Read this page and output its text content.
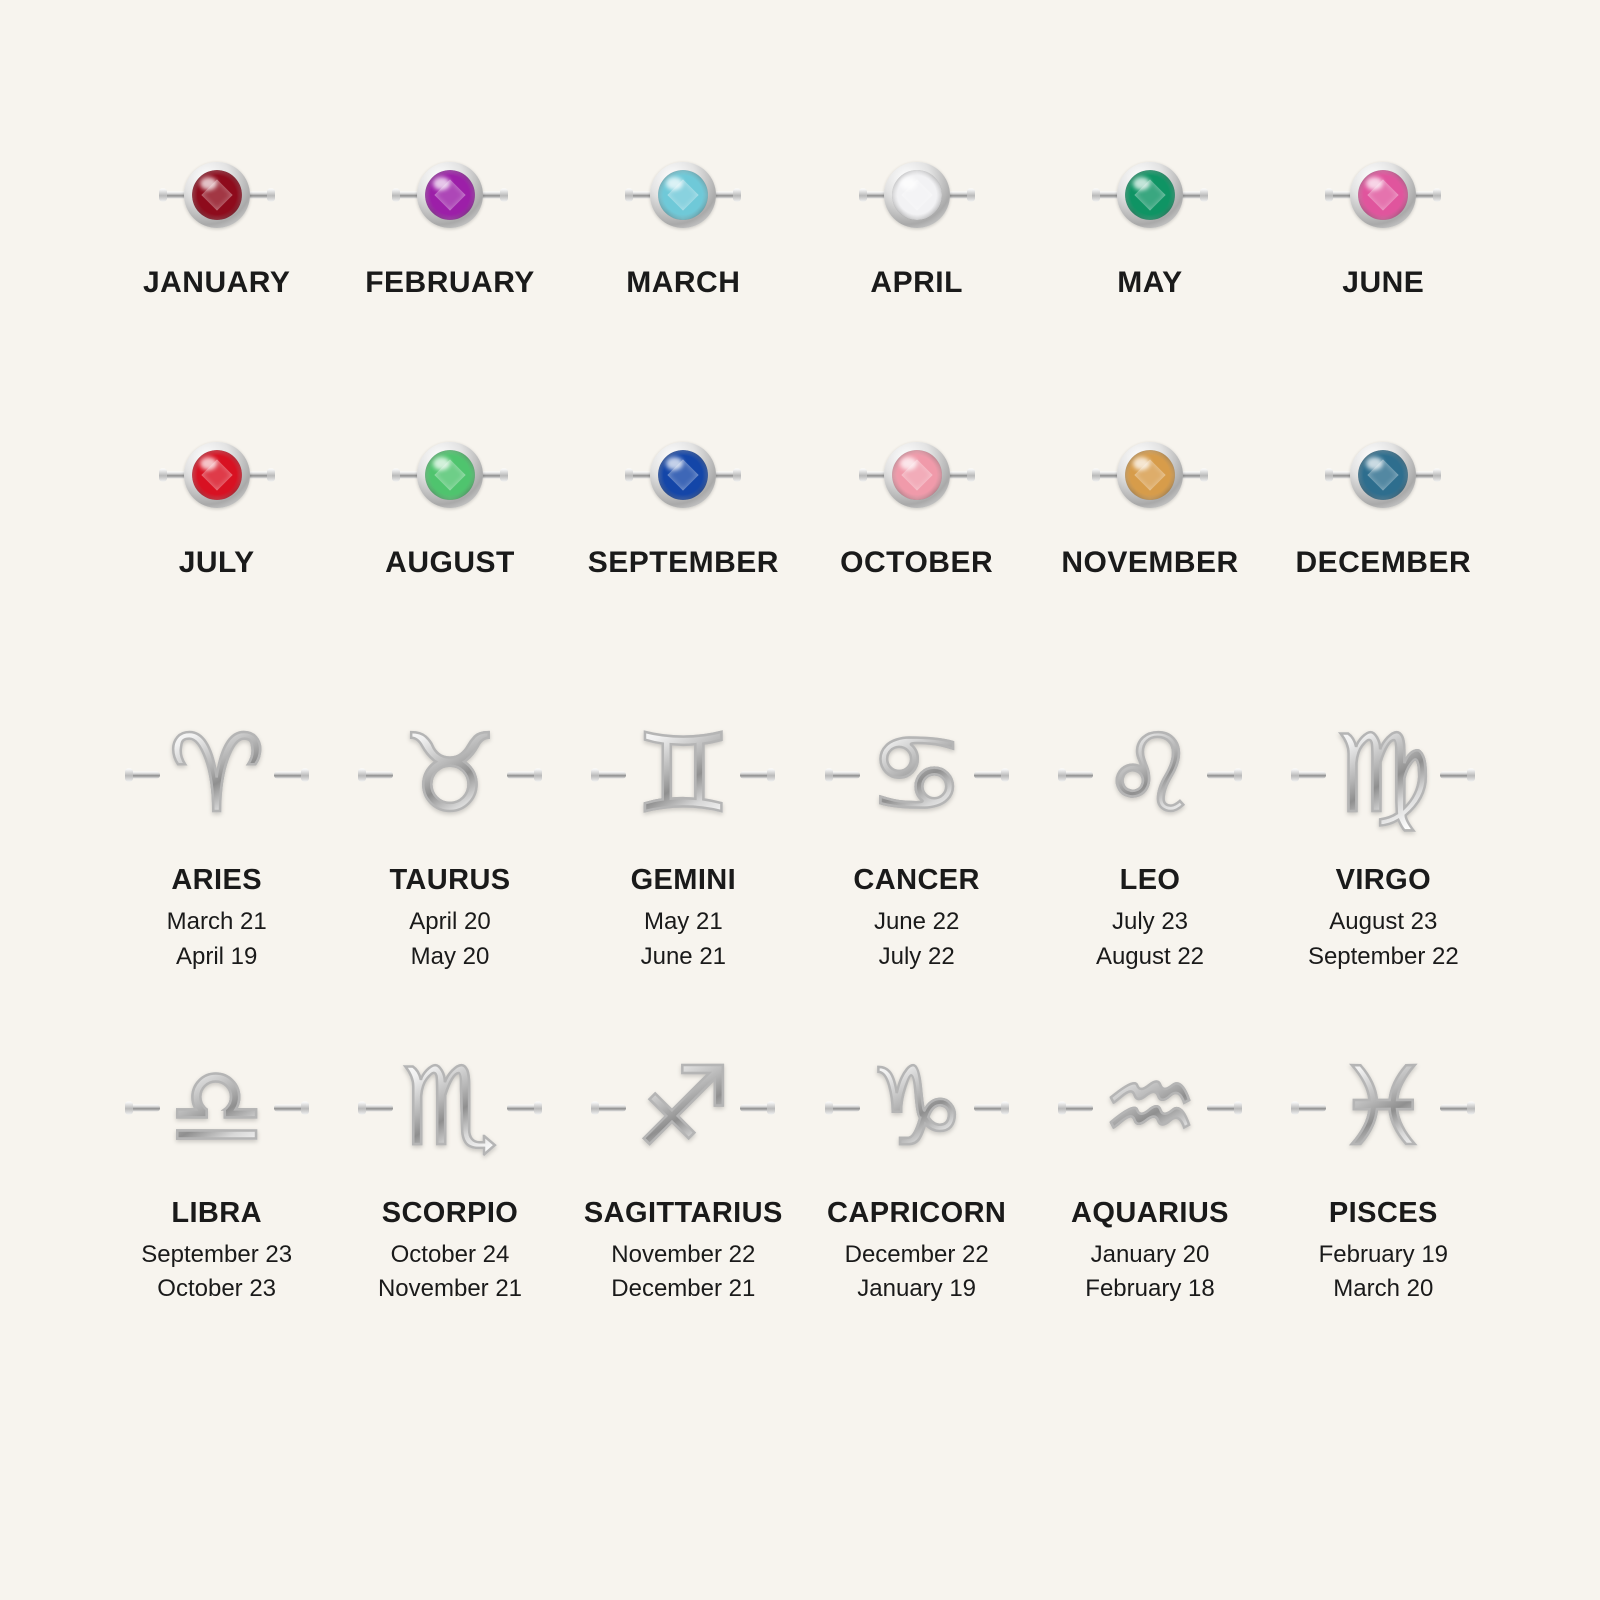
JANUARY FEBRUARY	MARCH	APRIL	MAY	JUNE
JULY	AUGUST SEPTEMBER OCTOBER NOVEMBER DECEMBER
♈
ARIES
March 21
April 19
♉
TAURUS
April 20
May 20
♊
GEMINI
May 21
June 21
♋
CANCER
June 22
July 22
♌
LEO
July 23
August 22
♍
VIRGO
August 23
September 22
♎
LIBRA
September 23
October 23
♏
SCORPIO
October 24
November 21
♐
SAGITTARIUS
November 22
December 21
♑
CAPRICORN
December 22
January 19
♒
AQUARIUS
January 20
February 18
♓
PISCES
February 19
March 20
